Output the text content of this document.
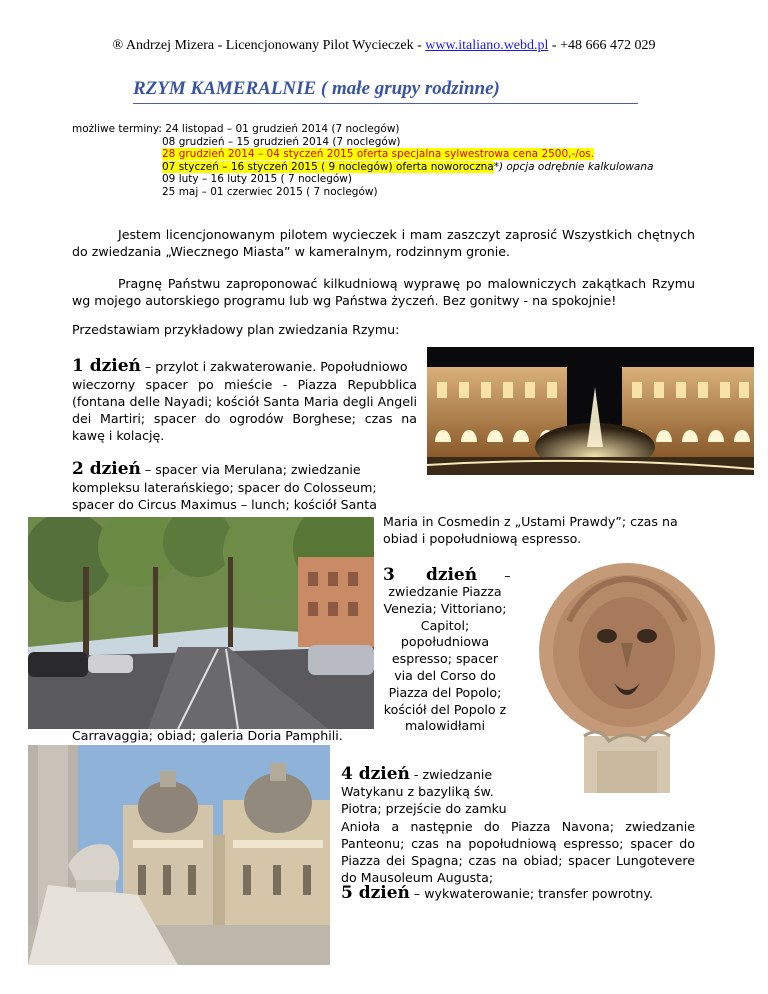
® Andrzej Mizera - Licencjonowany Pilot Wycieczek - www.italiano.webd.pl - +48 666 472 029
RZYM KAMERALNIE ( małe grupy rodzinne)
możliwe terminy: 24 listopad – 01 grudzień 2014 (7 noclegów)
08 grudzień – 15 grudzień 2014 (7 noclegów)
28 grudzień 2014 – 04 styczeń 2015 oferta specjalna sylwestrowa cena 2500,-/os.
07 styczeń – 16 styczeń 2015 ( 9 noclegów) oferta noworoczna*) opcja odrębnie kalkulowana
09 luty – 16 luty 2015 ( 7 noclegów)
25 maj – 01 czerwiec 2015 ( 7 noclegów)
Jestem licencjonowanym pilotem wycieczek i mam zaszczyt zaprosić Wszystkich chętnych do zwiedzania „Wiecznego Miasta” w kameralnym, rodzinnym gronie.
Pragnę Państwu zaproponować kilkudniową wyprawę po malowniczych zakątkach Rzymu wg mojego autorskiego programu lub wg Państwa życzeń. Bez gonitwy - na spokojnie!
Przedstawiam przykładowy plan zwiedzania Rzymu:
1 dzień – przylot i zakwaterowanie. Popołudniowo
wieczorny spacer po mieście - Piazza Repubblica (fontana delle Nayadi; kościół Santa Maria degli Angeli dei Martiri; spacer do ogrodów Borghese; czas na kawę i kolację.
2 dzień – spacer via Merulana; zwiedzanie
kompleksu laterańskiego; spacer do Colosseum;
spacer do Circus Maximus – lunch; kościół Santa
Maria in Cosmedin z „Ustami Prawdy”; czas na
obiad i popołudniową espresso.
3 dzień –
zwiedzanie Piazza
Venezia; Vittoriano;
Capitol;
popołudniowa
espresso; spacer
via del Corso do
Piazza del Popolo;
kościół del Popolo z
malowidłami
Carravaggia; obiad; galeria Doria Pamphili.
4 dzień - zwiedzanie
Watykanu z bazyliką św.
Piotra; przejście do zamku
Anioła a następnie do Piazza Navona; zwiedzanie Panteonu; czas na popołudniową espresso; spacer do Piazza dei Spagna; czas na obiad; spacer Lungotevere do Mausoleum Augusta;
5 dzień – wykwaterowanie; transfer powrotny.
